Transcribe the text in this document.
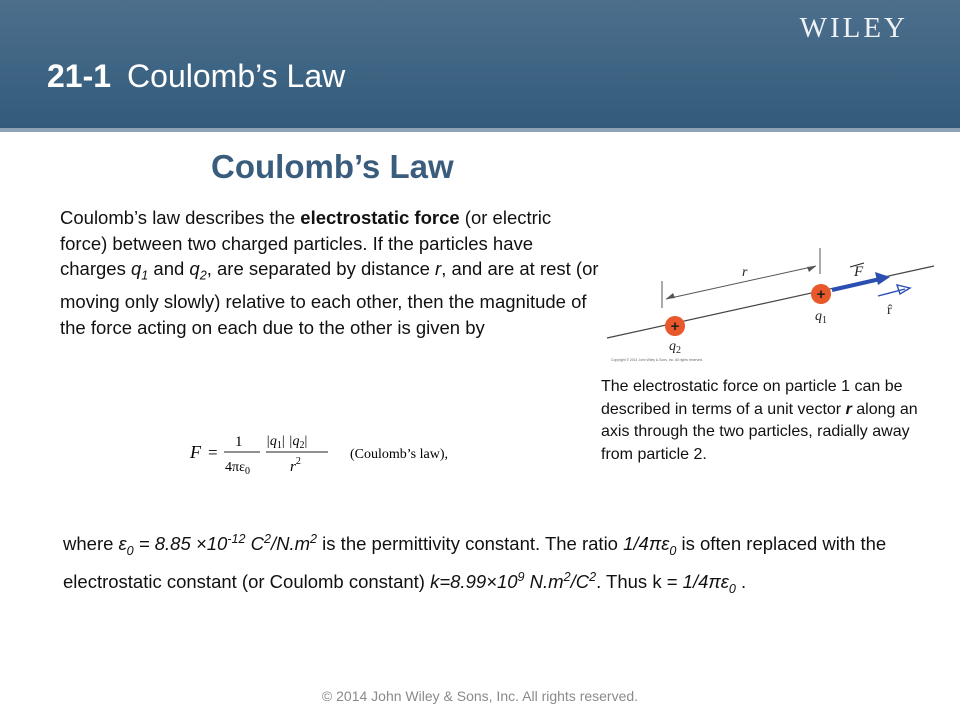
WILEY
21-1 Coulomb’s Law
Coulomb’s Law

Coulomb’s law describes the electrostatic force (or electric force) between two charged particles. If the particles have charges $q_1$ and $q_2$, are separated by distance r, and are at rest (or moving only slowly) relative to each other, then the magnitude of the force acting on each due to the other is given by

F =
1
$4\pi\varepsilon_0$
$|q_1|$ $|q_2|$
$r^2$	(Coulomb’s law),
r	F
r̂
+
$q_1$
+
$q_2$
Copyright © 2014 John Wiley & Sons, Inc. All rights reserved.
The electrostatic force on particle 1 can be described in terms of a unit vector r along an axis through the two particles, radially away from particle 2.

where $\varepsilon_0 = 8.85 \times 10^{-12}$ $C^2/N.m^2$ is the permittivity constant. The ratio $1/4\pi\varepsilon_0$ is often replaced with the electrostatic constant (or Coulomb constant) $k=8.99\times 10^9$ $N.m^2/C^2$. Thus $k = 1/4\pi\varepsilon_0$ .

© 2014 John Wiley & Sons, Inc. All rights reserved.
